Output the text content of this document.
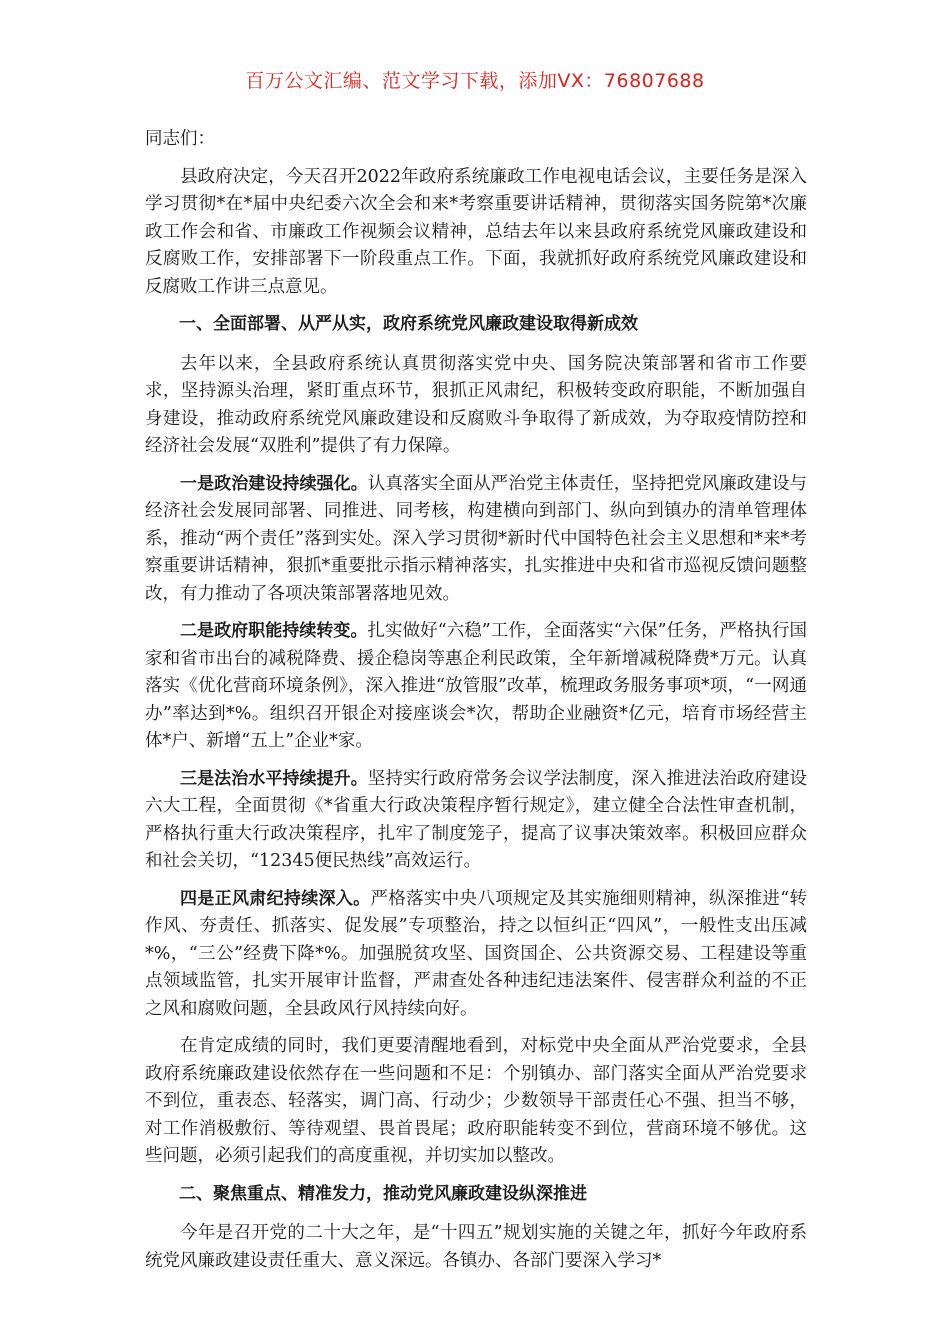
百万公文汇编、范文学习下载，添加VX：76807688

同志们：

县政府决定，今天召开2022年政府系统廉政工作电视电话会议，主要任务是深入学习贯彻*在*届中央纪委六次全会和来*考察重要讲话精神，贯彻落实国务院第*次廉政工作会和省、市廉政工作视频会议精神，总结去年以来县政府系统党风廉政建设和反腐败工作，安排部署下一阶段重点工作。下面，我就抓好政府系统党风廉政建设和反腐败工作讲三点意见。

一、全面部署、从严从实，政府系统党风廉政建设取得新成效

去年以来，全县政府系统认真贯彻落实党中央、国务院决策部署和省市工作要求，坚持源头治理，紧盯重点环节，狠抓正风肃纪，积极转变政府职能，不断加强自身建设，推动政府系统党风廉政建设和反腐败斗争取得了新成效，为夺取疫情防控和经济社会发展“双胜利”提供了有力保障。

一是政治建设持续强化。认真落实全面从严治党主体责任，坚持把党风廉政建设与经济社会发展同部署、同推进、同考核，构建横向到部门、纵向到镇办的清单管理体系，推动“两个责任”落到实处。深入学习贯彻*新时代中国特色社会主义思想和*来*考察重要讲话精神，狠抓*重要批示指示精神落实，扎实推进中央和省市巡视反馈问题整改，有力推动了各项决策部署落地见效。

二是政府职能持续转变。扎实做好“六稳”工作，全面落实“六保”任务，严格执行国家和省市出台的减税降费、援企稳岗等惠企利民政策，全年新增减税降费*万元。认真落实《优化营商环境条例》，深入推进“放管服”改革，梳理政务服务事项*项，“一网通办”率达到*%。组织召开银企对接座谈会*次，帮助企业融资*亿元，培育市场经营主体*户、新增“五上”企业*家。

三是法治水平持续提升。坚持实行政府常务会议学法制度，深入推进法治政府建设六大工程，全面贯彻《*省重大行政决策程序暂行规定》，建立健全合法性审查机制，严格执行重大行政决策程序，扎牢了制度笼子，提高了议事决策效率。积极回应群众和社会关切，“12345便民热线”高效运行。

四是正风肃纪持续深入。严格落实中央八项规定及其实施细则精神，纵深推进“转作风、夯责任、抓落实、促发展”专项整治，持之以恒纠正“四风”，一般性支出压减*%，“三公”经费下降*%。加强脱贫攻坚、国资国企、公共资源交易、工程建设等重点领域监管，扎实开展审计监督，严肃查处各种违纪违法案件、侵害群众利益的不正之风和腐败问题，全县政风行风持续向好。

在肯定成绩的同时，我们更要清醒地看到，对标党中央全面从严治党要求，全县政府系统廉政建设依然存在一些问题和不足：个别镇办、部门落实全面从严治党要求不到位，重表态、轻落实，调门高、行动少；少数领导干部责任心不强、担当不够，对工作消极敷衍、等待观望、畏首畏尾；政府职能转变不到位，营商环境不够优。这些问题，必须引起我们的高度重视，并切实加以整改。

二、聚焦重点、精准发力，推动党风廉政建设纵深推进

今年是召开党的二十大之年，是“十四五”规划实施的关键之年，抓好今年政府系统党风廉政建设责任重大、意义深远。各镇办、各部门要深入学习*
